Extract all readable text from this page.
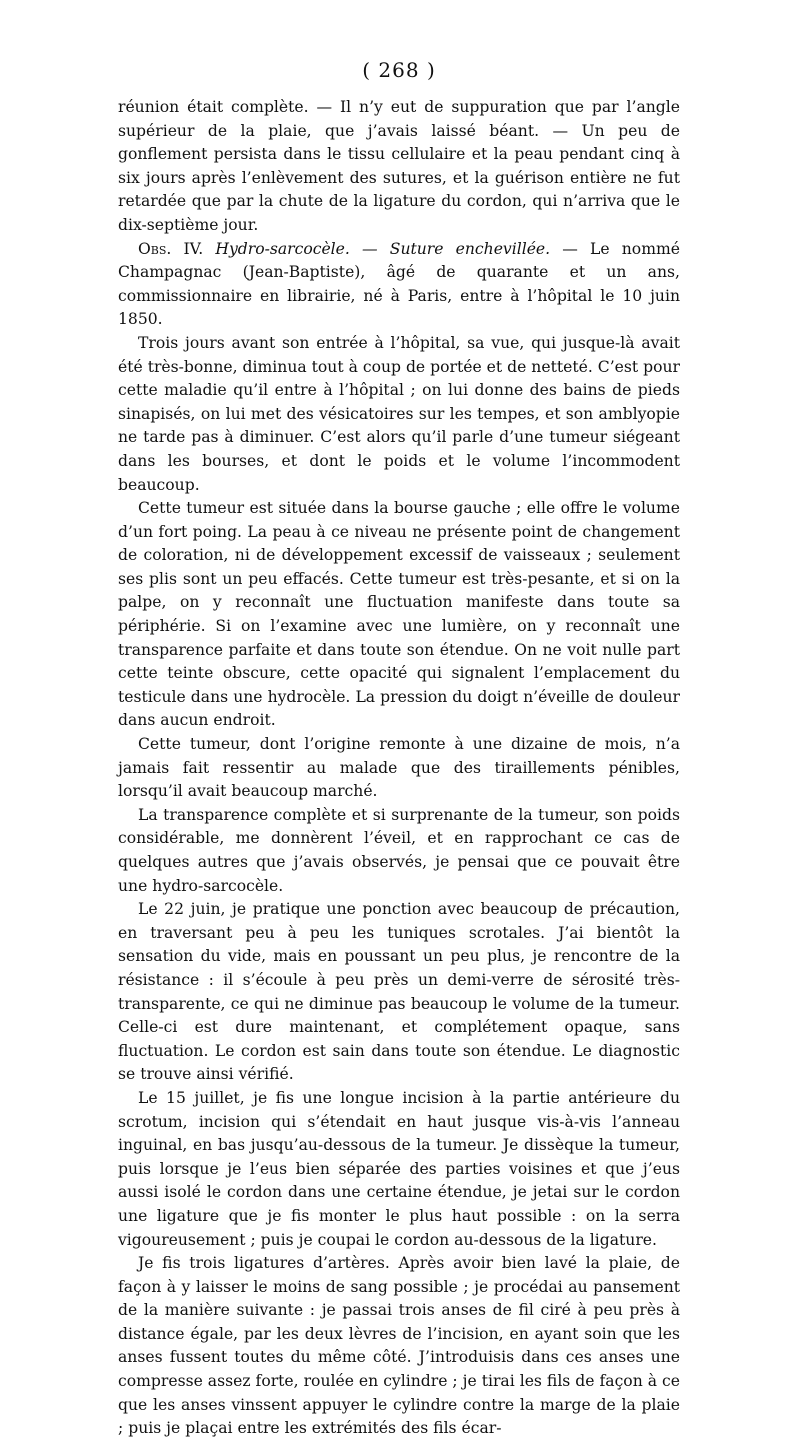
( 268 )

réunion était complète. — Il n’y eut de suppuration que par l’angle supérieur de la plaie, que j’avais laissé béant. — Un peu de gonflement persista dans le tissu cellulaire et la peau pendant cinq à six jours après l’enlèvement des sutures, et la guérison entière ne fut retardée que par la chute de la ligature du cordon, qui n’arriva que le dix-septième jour.

Obs. IV. Hydro-sarcocèle. — Suture enchevillée. — Le nommé Champagnac (Jean-Baptiste), âgé de quarante et un ans, commissionnaire en librairie, né à Paris, entre à l’hôpital le 10 juin 1850.

Trois jours avant son entrée à l’hôpital, sa vue, qui jusque-là avait été très-bonne, diminua tout à coup de portée et de netteté. C’est pour cette maladie qu’il entre à l’hôpital ; on lui donne des bains de pieds sinapisés, on lui met des vésicatoires sur les tempes, et son amblyopie ne tarde pas à diminuer. C’est alors qu’il parle d’une tumeur siégeant dans les bourses, et dont le poids et le volume l’incommodent beaucoup.

Cette tumeur est située dans la bourse gauche ; elle offre le volume d’un fort poing. La peau à ce niveau ne présente point de changement de coloration, ni de développement excessif de vaisseaux ; seulement ses plis sont un peu effacés. Cette tumeur est très-pesante, et si on la palpe, on y reconnaît une fluctuation manifeste dans toute sa périphérie. Si on l’examine avec une lumière, on y reconnaît une transparence parfaite et dans toute son étendue. On ne voit nulle part cette teinte obscure, cette opacité qui signalent l’emplacement du testicule dans une hydrocèle. La pression du doigt n’éveille de douleur dans aucun endroit.

Cette tumeur, dont l’origine remonte à une dizaine de mois, n’a jamais fait ressentir au malade que des tiraillements pénibles, lorsqu’il avait beaucoup marché.

La transparence complète et si surprenante de la tumeur, son poids considérable, me donnèrent l’éveil, et en rapprochant ce cas de quelques autres que j’avais observés, je pensai que ce pouvait être une hydro-sarcocèle.

Le 22 juin, je pratique une ponction avec beaucoup de précaution, en traversant peu à peu les tuniques scrotales. J’ai bientôt la sensation du vide, mais en poussant un peu plus, je rencontre de la résistance : il s’écoule à peu près un demi-verre de sérosité très-transparente, ce qui ne diminue pas beaucoup le volume de la tumeur. Celle-ci est dure maintenant, et complétement opaque, sans fluctuation. Le cordon est sain dans toute son étendue. Le diagnostic se trouve ainsi vérifié.

Le 15 juillet, je fis une longue incision à la partie antérieure du scrotum, incision qui s’étendait en haut jusque vis-à-vis l’anneau inguinal, en bas jusqu’au-dessous de la tumeur. Je dissèque la tumeur, puis lorsque je l’eus bien séparée des parties voisines et que j’eus aussi isolé le cordon dans une certaine étendue, je jetai sur le cordon une ligature que je fis monter le plus haut possible : on la serra vigoureusement ; puis je coupai le cordon au-dessous de la ligature.

Je fis trois ligatures d’artères. Après avoir bien lavé la plaie, de façon à y laisser le moins de sang possible ; je procédai au pansement de la manière suivante : je passai trois anses de fil ciré à peu près à distance égale, par les deux lèvres de l’incision, en ayant soin que les anses fussent toutes du même côté. J’introduisis dans ces anses une compresse assez forte, roulée en cylindre ; je tirai les fils de façon à ce que les anses vinssent appuyer le cylindre contre la marge de la plaie ; puis je plaçai entre les extrémités des fils écar-
